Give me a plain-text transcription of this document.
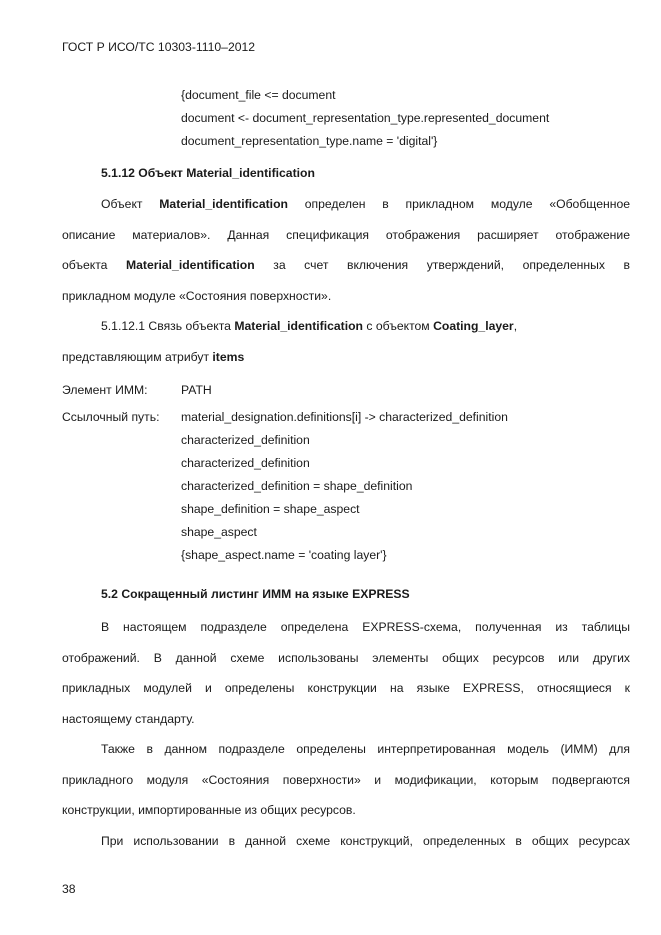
ГОСТ Р ИСО/ТС 10303-1110–2012
{document_file <= document
document <- document_representation_type.represented_document
document_representation_type.name = 'digital'}
5.1.12 Объект Material_identification
Объект Material_identification определен в прикладном модуле «Обобщенное
описание материалов». Данная спецификация отображения расширяет отображение
объекта Material_identification за счет включения утверждений, определенных в
прикладном модуле «Состояния поверхности».
5.1.12.1 Связь объекта Material_identification с объектом Coating_layer,
представляющим атрибут items
Элемент ИММ:	PATH
Ссылочный путь: material_designation.definitions[i] -> characterized_definition
characterized_definition
characterized_definition
characterized_definition = shape_definition
shape_definition = shape_aspect
shape_aspect
{shape_aspect.name = 'coating layer'}
5.2 Сокращенный листинг ИММ на языке EXPRESS
В настоящем подразделе определена EXPRESS-схема, полученная из таблицы
отображений. В данной схеме использованы элементы общих ресурсов или других
прикладных модулей и определены конструкции на языке EXPRESS, относящиеся к
настоящему стандарту.
Также в данном подразделе определены интерпретированная модель (ИММ) для
прикладного модуля «Состояния поверхности» и модификации, которым подвергаются
конструкции, импортированные из общих ресурсов.
При использовании в данной схеме конструкций, определенных в общих ресурсах
38
